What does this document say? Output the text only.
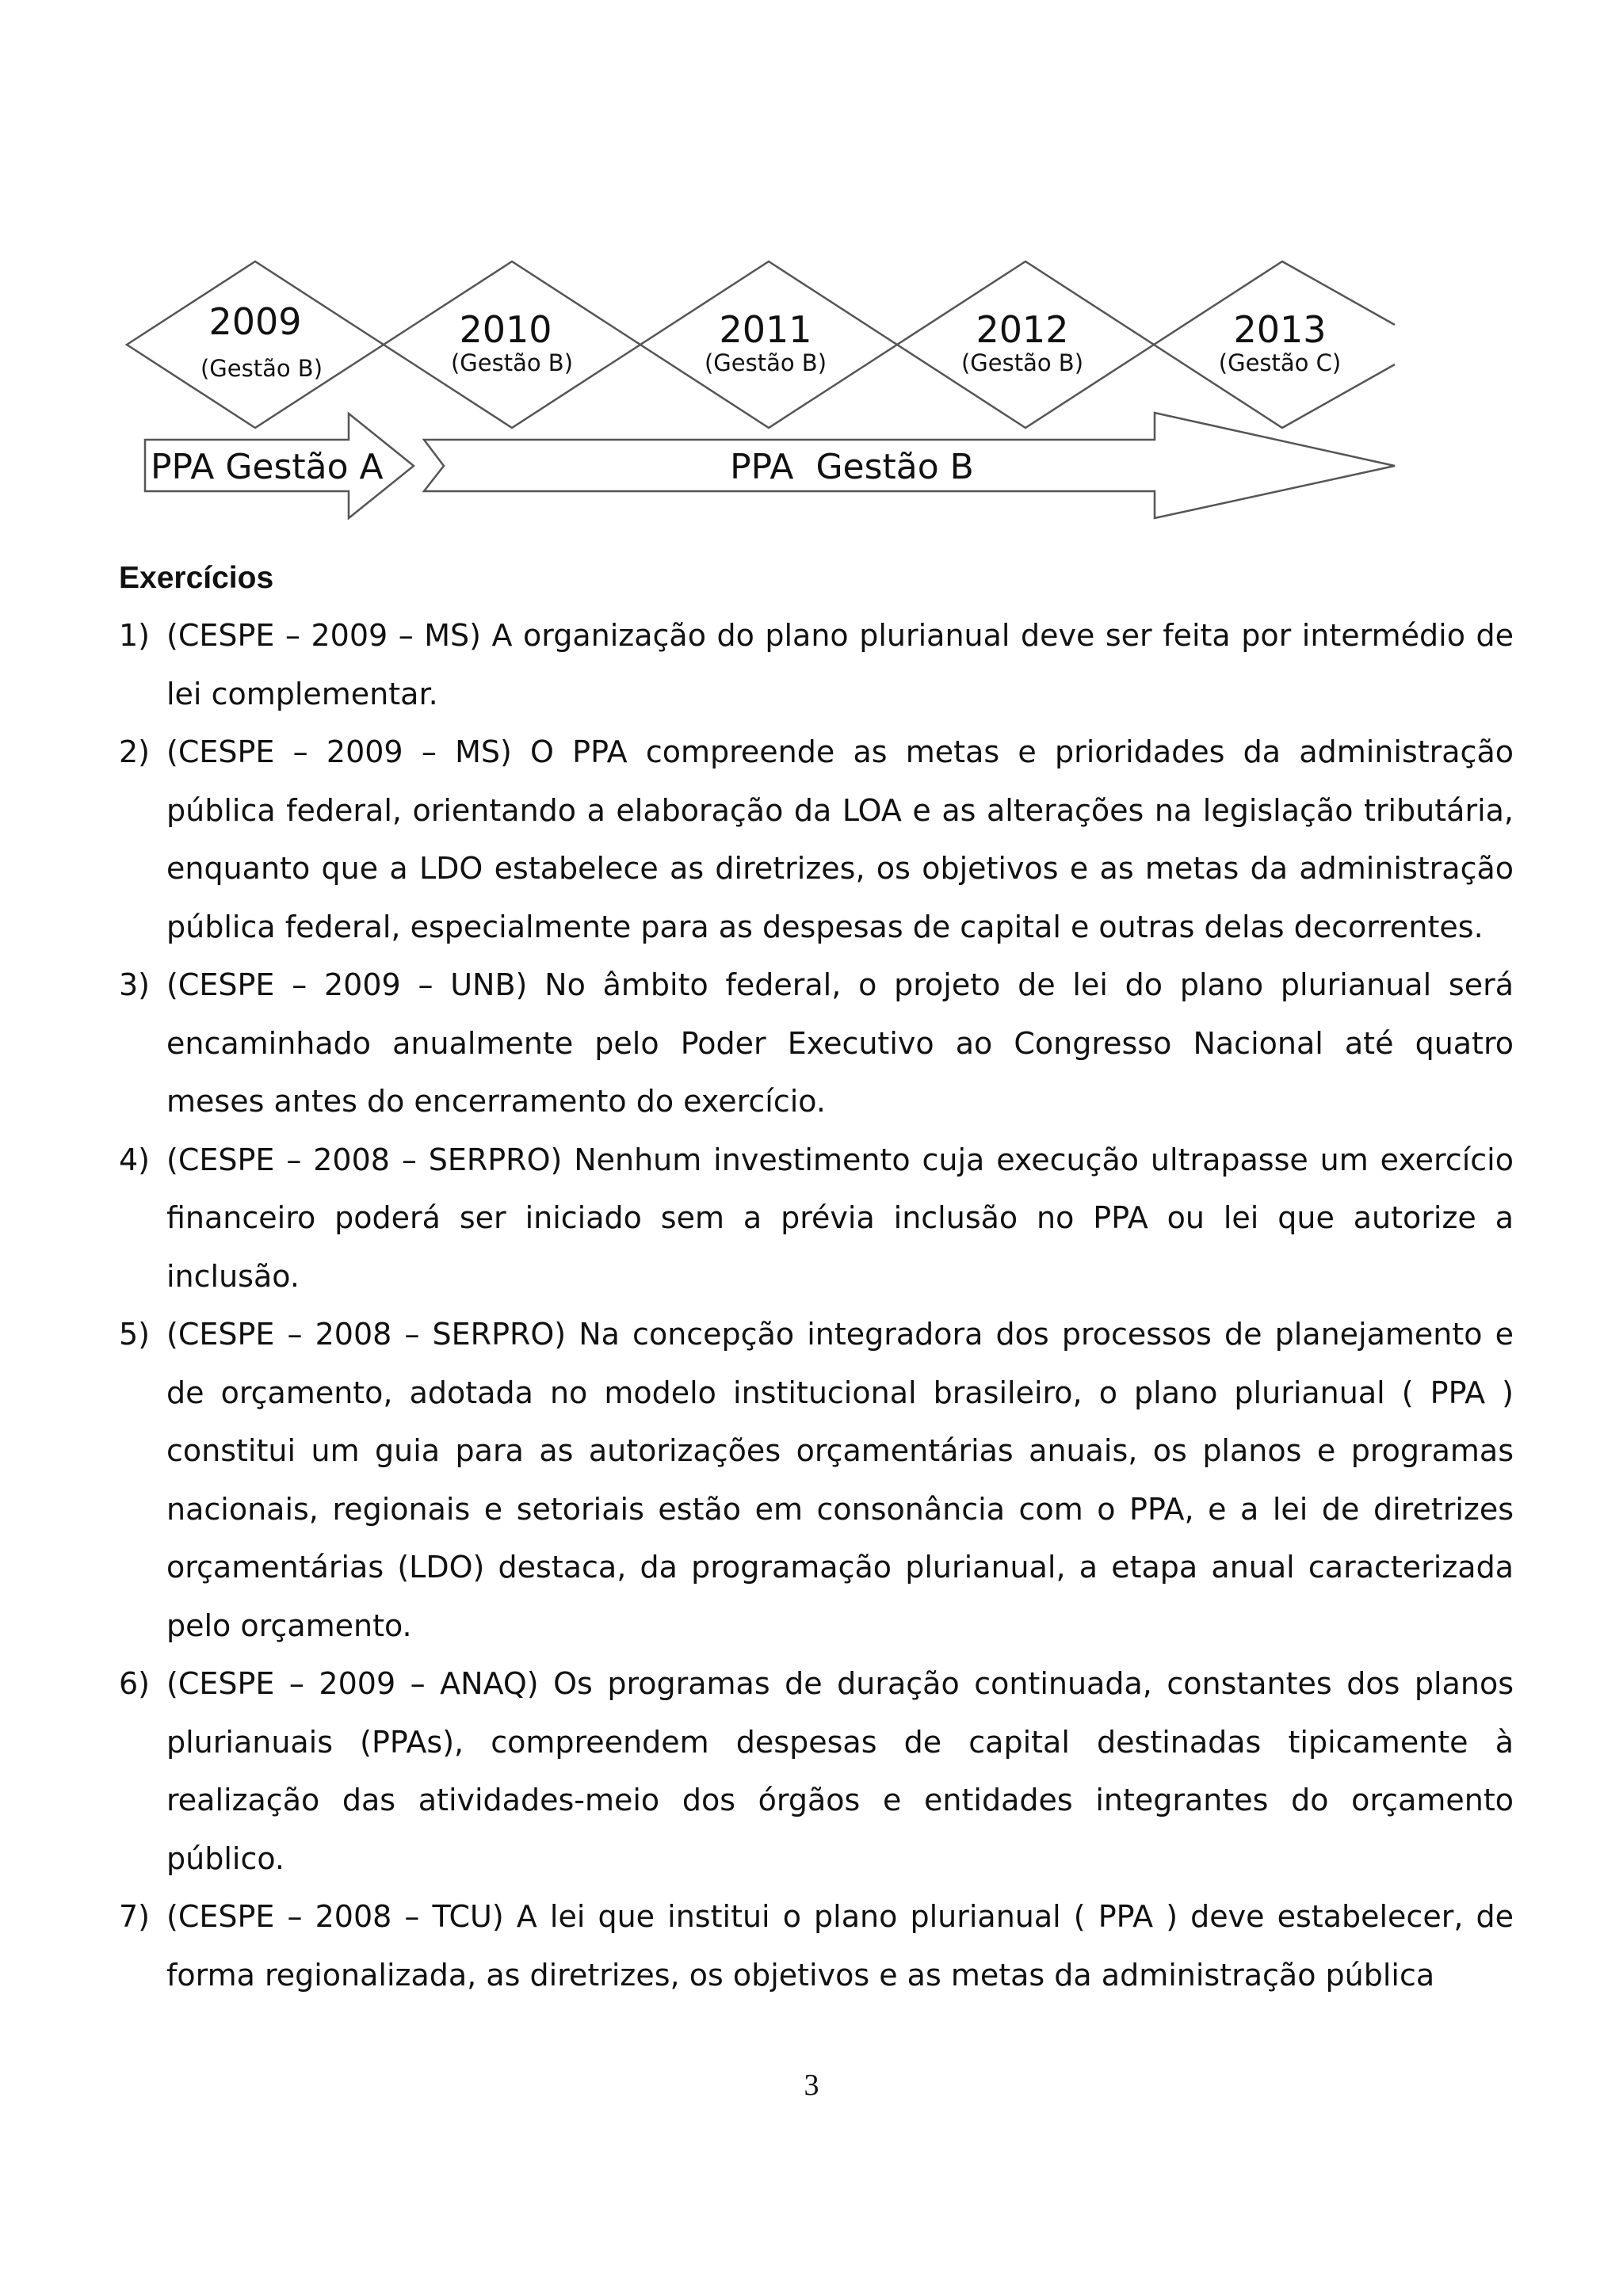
2009
(Gestão B)
2010
(Gestão B)
2011
(Gestão B)
2012
(Gestão B)
2013
(Gestão C)
PPA Gestão A	PPA  Gestão B
Exercícios
1) (CESPE – 2009 – MS) A organização do plano plurianual deve ser feita por intermédio de lei complementar.
2) (CESPE – 2009 – MS) O PPA compreende as metas e prioridades da administração pública federal, orientando a elaboração da LOA e as alterações na legislação tributária, enquanto que a LDO estabelece as diretrizes, os objetivos e as metas da administração pública federal, especialmente para as despesas de capital e outras delas decorrentes.
3) (CESPE – 2009 – UNB) No âmbito federal, o projeto de lei do plano plurianual será encaminhado anualmente pelo Poder Executivo ao Congresso Nacional até quatro meses antes do encerramento do exercício.
4) (CESPE – 2008 – SERPRO) Nenhum investimento cuja execução ultrapasse um exercício financeiro poderá ser iniciado sem a prévia inclusão no PPA ou lei que autorize a inclusão.
5) (CESPE – 2008 – SERPRO) Na concepção integradora dos processos de planejamento e de orçamento, adotada no modelo institucional brasileiro, o plano plurianual ( PPA ) constitui um guia para as autorizações orçamentárias anuais, os planos e programas nacionais, regionais e setoriais estão em consonância com o PPA, e a lei de diretrizes orçamentárias (LDO) destaca, da programação plurianual, a etapa anual caracterizada pelo orçamento.
6) (CESPE – 2009 – ANAQ) Os programas de duração continuada, constantes dos planos plurianuais (PPAs), compreendem despesas de capital destinadas tipicamente à realização das atividades-meio dos órgãos e entidades integrantes do orçamento público.
7) (CESPE – 2008 – TCU) A lei que institui o plano plurianual ( PPA ) deve estabelecer, de forma regionalizada, as diretrizes, os objetivos e as metas da administração pública
3
